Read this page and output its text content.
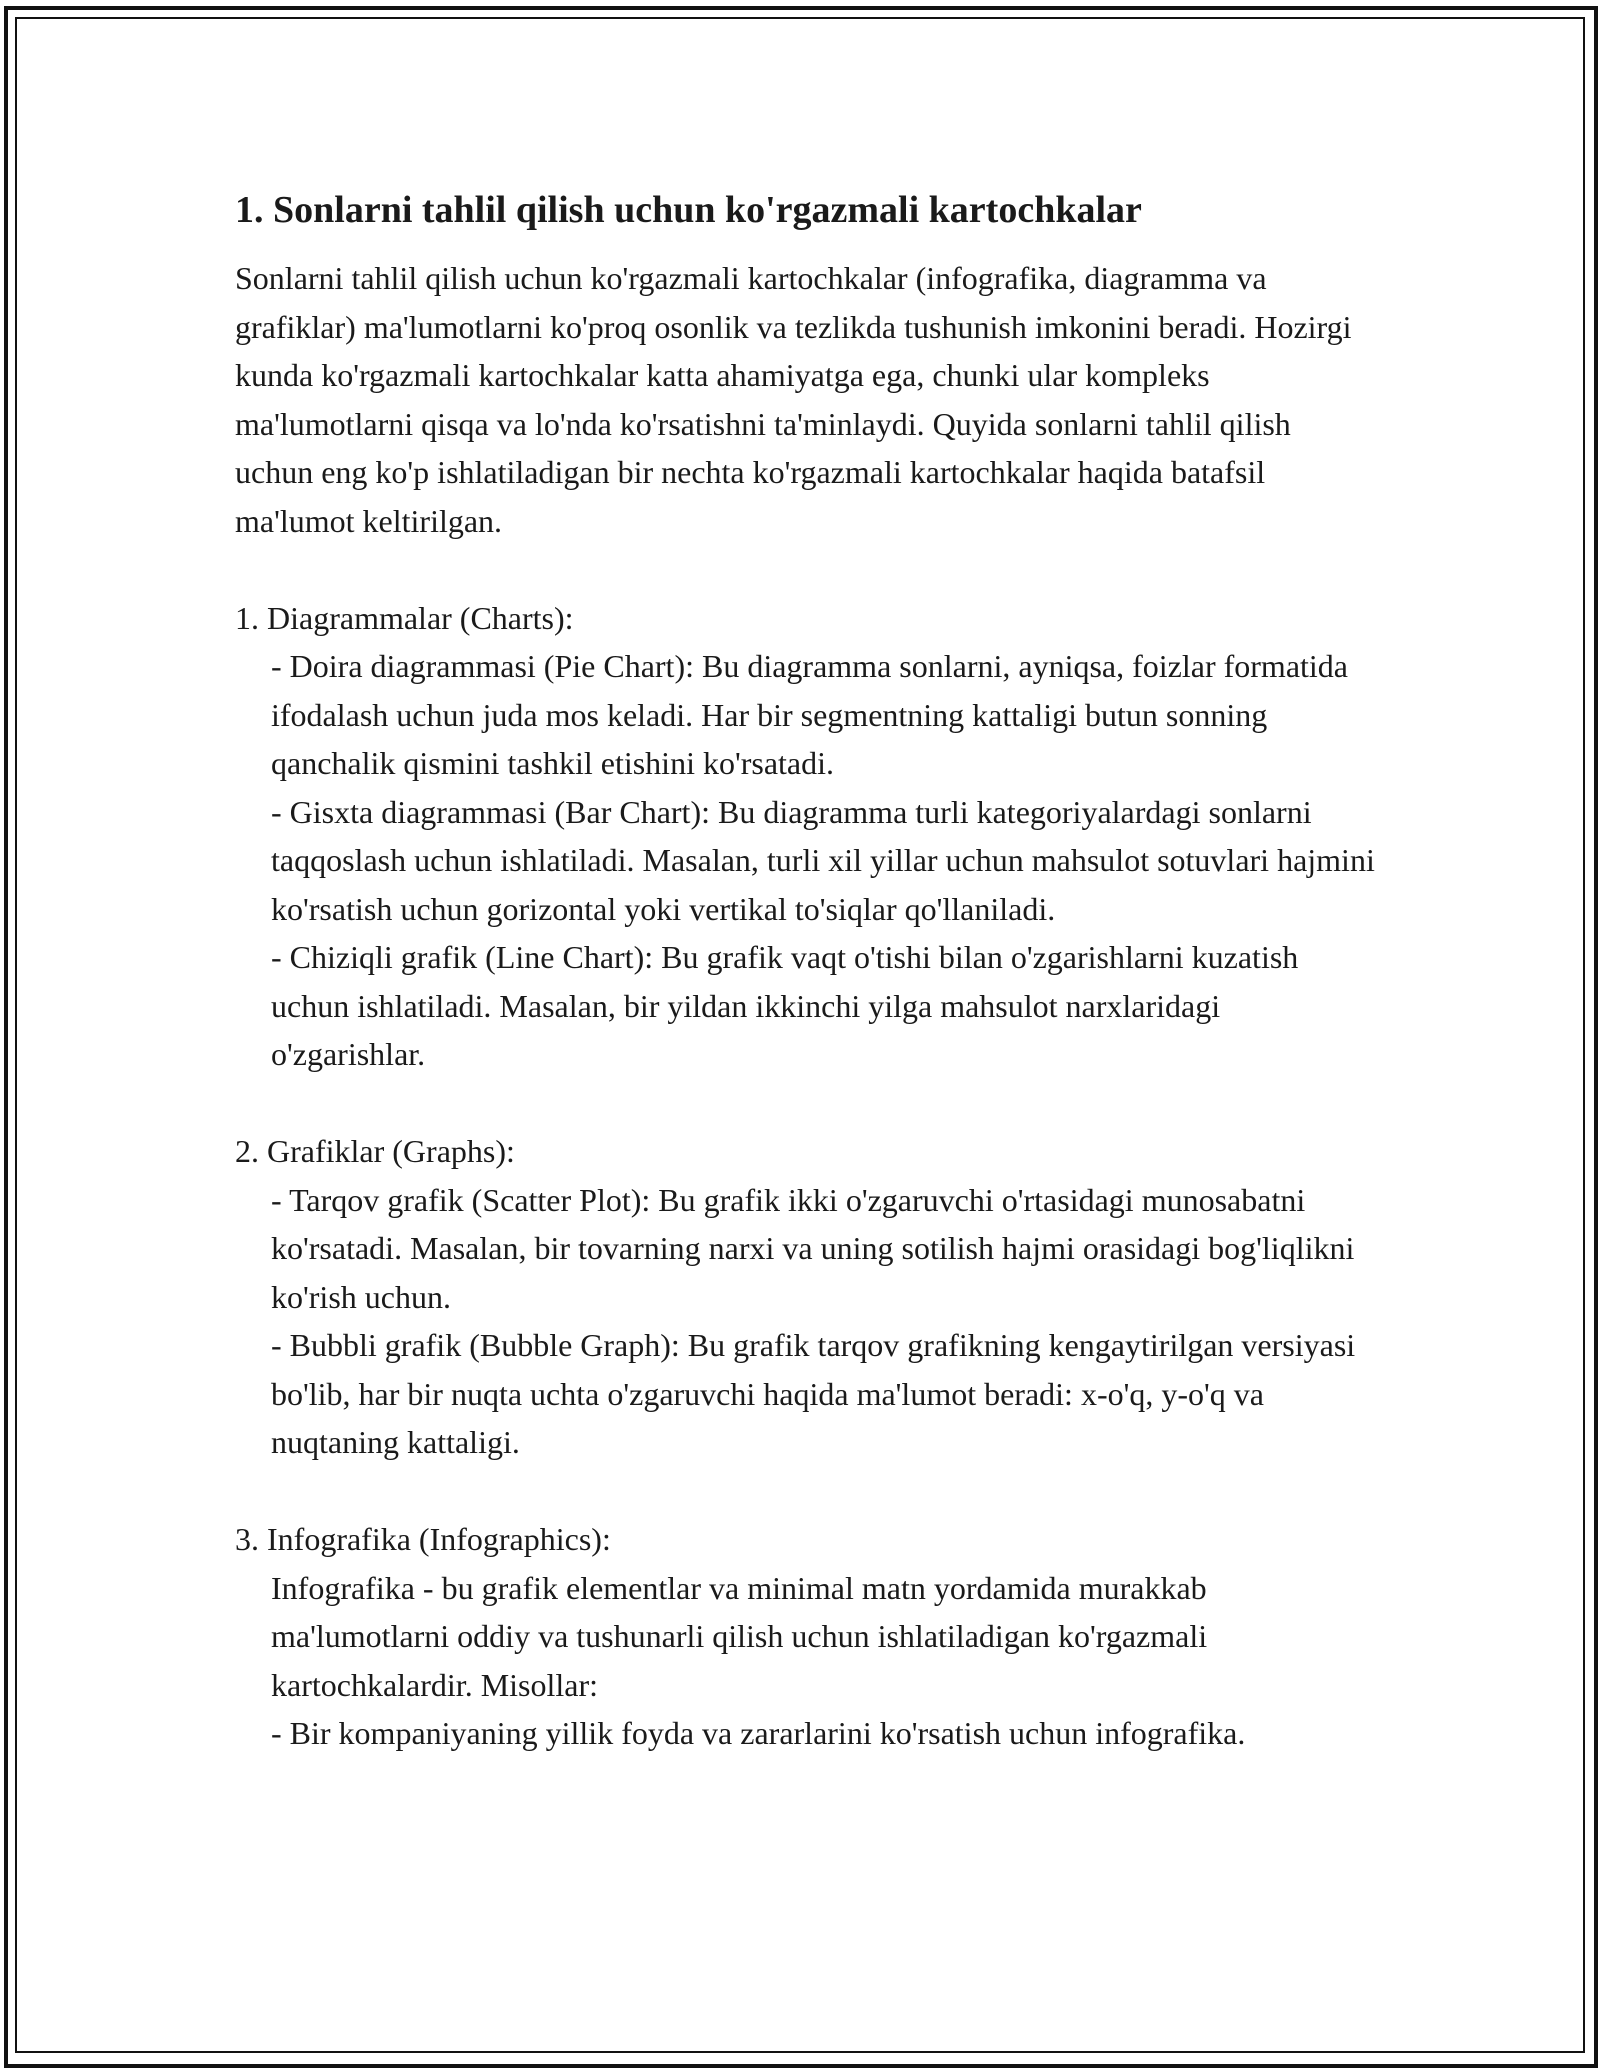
1. Sonlarni tahlil qilish uchun ko'rgazmali kartochkalar

Sonlarni tahlil qilish uchun ko'rgazmali kartochkalar (infografika, diagramma va grafiklar) ma'lumotlarni ko'proq osonlik va tezlikda tushunish imkonini beradi. Hozirgi kunda ko'rgazmali kartochkalar katta ahamiyatga ega, chunki ular kompleks ma'lumotlarni qisqa va lo'nda ko'rsatishni ta'minlaydi. Quyida sonlarni tahlil qilish uchun eng ko'p ishlatiladigan bir nechta ko'rgazmali kartochkalar haqida batafsil ma'lumot keltirilgan.

1. Diagrammalar (Charts):

- Doira diagrammasi (Pie Chart): Bu diagramma sonlarni, ayniqsa, foizlar formatida ifodalash uchun juda mos keladi. Har bir segmentning kattaligi butun sonning qanchalik qismini tashkil etishini ko'rsatadi.

- Gisxta diagrammasi (Bar Chart): Bu diagramma turli kategoriyalardagi sonlarni taqqoslash uchun ishlatiladi. Masalan, turli xil yillar uchun mahsulot sotuvlari hajmini ko'rsatish uchun gorizontal yoki vertikal to'siqlar qo'llaniladi.

- Chiziqli grafik (Line Chart): Bu grafik vaqt o'tishi bilan o'zgarishlarni kuzatish uchun ishlatiladi. Masalan, bir yildan ikkinchi yilga mahsulot narxlaridagi o'zgarishlar.

2. Grafiklar (Graphs):

- Tarqov grafik (Scatter Plot): Bu grafik ikki o'zgaruvchi o'rtasidagi munosabatni ko'rsatadi. Masalan, bir tovarning narxi va uning sotilish hajmi orasidagi bog'liqlikni ko'rish uchun.

- Bubbli grafik (Bubble Graph): Bu grafik tarqov grafikning kengaytirilgan versiyasi bo'lib, har bir nuqta uchta o'zgaruvchi haqida ma'lumot beradi: x-o'q, y-o'q va nuqtaning kattaligi.

3. Infografika (Infographics):

Infografika - bu grafik elementlar va minimal matn yordamida murakkab ma'lumotlarni oddiy va tushunarli qilish uchun ishlatiladigan ko'rgazmali kartochkalardir. Misollar:

- Bir kompaniyaning yillik foyda va zararlarini ko'rsatish uchun infografika.
